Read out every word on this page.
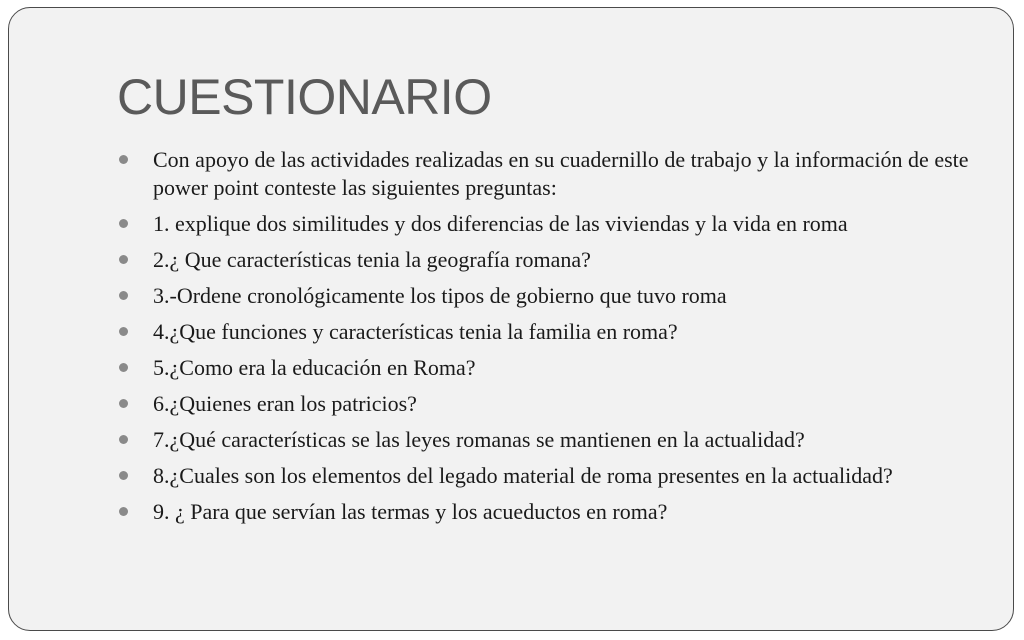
CUESTIONARIO
Con apoyo de las actividades realizadas en su cuadernillo de trabajo y la información de este power point conteste las siguientes preguntas:
1. explique dos similitudes y dos diferencias de las viviendas y la vida en roma
2.¿ Que características tenia la geografía romana?
3.-Ordene cronológicamente los tipos de gobierno que tuvo roma
4.¿Que funciones y características tenia la familia en roma?
5.¿Como era la educación en Roma?
6.¿Quienes eran los patricios?
7.¿Qué características se las leyes romanas se mantienen en la actualidad?
8.¿Cuales son los elementos del legado material de roma presentes en la actualidad?
9. ¿ Para que servían las termas y los acueductos en roma?
